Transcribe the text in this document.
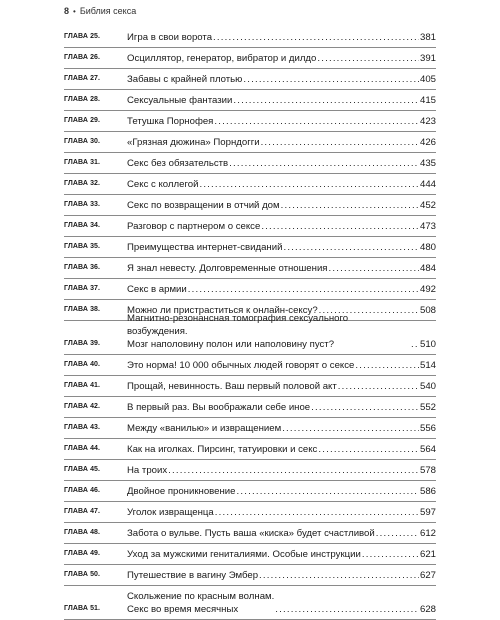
8 • Библия секса
ГЛАВА 25.	Игра в свои ворота .....	381
ГЛАВА 26.	Осциллятор, генератор, вибратор и дилдо .....	391
ГЛАВА 27.	Забавы с крайней плотью .....	405
ГЛАВА 28.	Сексуальные фантазии .....	415
ГЛАВА 29.	Тетушка Порнофея .....	423
ГЛАВА 30.	«Грязная дюжина» Порндогги .....	426
ГЛАВА 31.	Секс без обязательств .....	435
ГЛАВА 32.	Секс с коллегой .....	444
ГЛАВА 33.	Секс по возвращении в отчий дом .....	452
ГЛАВА 34.	Разговор с партнером о сексе .....	473
ГЛАВА 35.	Преимущества интернет-свиданий .....	480
ГЛАВА 36.	Я знал невесту. Долговременные отношения .....	484
ГЛАВА 37.	Секс в армии .....	492
ГЛАВА 38.	Можно ли пристраститься к онлайн-сексу? .....	508
ГЛАВА 39.
Магнитно-резонансная томография сексуального возбуждения.
Мозг наполовину полон или наполовину пуст? .....	510
ГЛАВА 40.	Это норма! 10 000 обычных людей говорят о сексе .....	514
ГЛАВА 41.	Прощай, невинность. Ваш первый половой акт .....	540
ГЛАВА 42.	В первый раз. Вы воображали себе иное .....	552
ГЛАВА 43.	Между «ванилью» и извращением .....	556
ГЛАВА 44.	Как на иголках. Пирсинг, татуировки и секс .....	564
ГЛАВА 45.	На троих .....	578
ГЛАВА 46.	Двойное проникновение .....	586
ГЛАВА 47.	Уголок извращенца .....	597
ГЛАВА 48.	Забота о вульве. Пусть ваша «киска» будет счастливой .....	612
ГЛАВА 49.	Уход за мужскими гениталиями. Особые инструкции .....	621
ГЛАВА 50.	Путешествие в вагину Эмбер .....	627
ГЛАВА 51.
Скольжение по красным волнам.
Секс во время месячных .....	628
